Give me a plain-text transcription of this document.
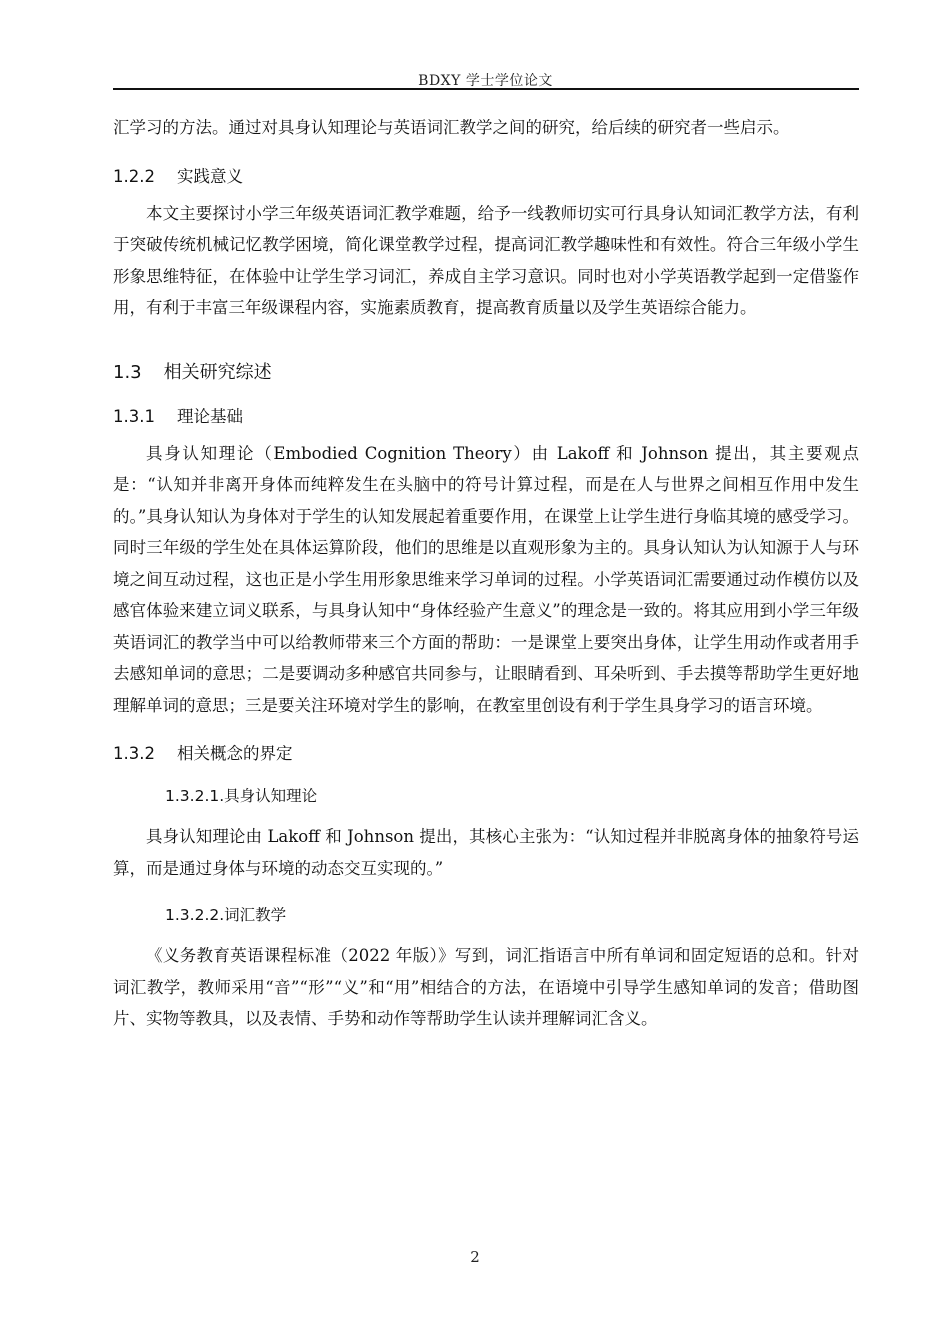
BDXY 学士学位论文

汇学习的方法。通过对具身认知理论与英语词汇教学之间的研究，给后续的研究者一些启示。

1.2.2 实践意义

本文主要探讨小学三年级英语词汇教学难题，给予一线教师切实可行具身认知词汇教学方法，有利于突破传统机械记忆教学困境，简化课堂教学过程，提高词汇教学趣味性和有效性。符合三年级小学生形象思维特征，在体验中让学生学习词汇，养成自主学习意识。同时也对小学英语教学起到一定借鉴作用，有利于丰富三年级课程内容，实施素质教育，提高教育质量以及学生英语综合能力。

1.3 相关研究综述
1.3.1 理论基础

具身认知理论（Embodied Cognition Theory）由 Lakoff 和 Johnson 提出，其主要观点是：“认知并非离开身体而纯粹发生在头脑中的符号计算过程，而是在人与世界之间相互作用中发生的。”具身认知认为身体对于学生的认知发展起着重要作用，在课堂上让学生进行身临其境的感受学习。同时三年级的学生处在具体运算阶段，他们的思维是以直观形象为主的。具身认知认为认知源于人与环境之间互动过程，这也正是小学生用形象思维来学习单词的过程。小学英语词汇需要通过动作模仿以及感官体验来建立词义联系，与具身认知中“身体经验产生意义”的理念是一致的。将其应用到小学三年级英语词汇的教学当中可以给教师带来三个方面的帮助：一是课堂上要突出身体，让学生用动作或者用手去感知单词的意思；二是要调动多种感官共同参与，让眼睛看到、耳朵听到、手去摸等帮助学生更好地理解单词的意思；三是要关注环境对学生的影响，在教室里创设有利于学生具身学习的语言环境。

1.3.2 相关概念的界定
1.3.2.1.具身认知理论

具身认知理论由 Lakoff 和 Johnson 提出，其核心主张为：“认知过程并非脱离身体的抽象符号运算，而是通过身体与环境的动态交互实现的。”

1.3.2.2.词汇教学

《义务教育英语课程标准（2022 年版）》写到，词汇指语言中所有单词和固定短语的总和。针对词汇教学，教师采用“音”“形”“义”和“用”相结合的方法，在语境中引导学生感知单词的发音；借助图片、实物等教具，以及表情、手势和动作等帮助学生认读并理解词汇含义。

2
